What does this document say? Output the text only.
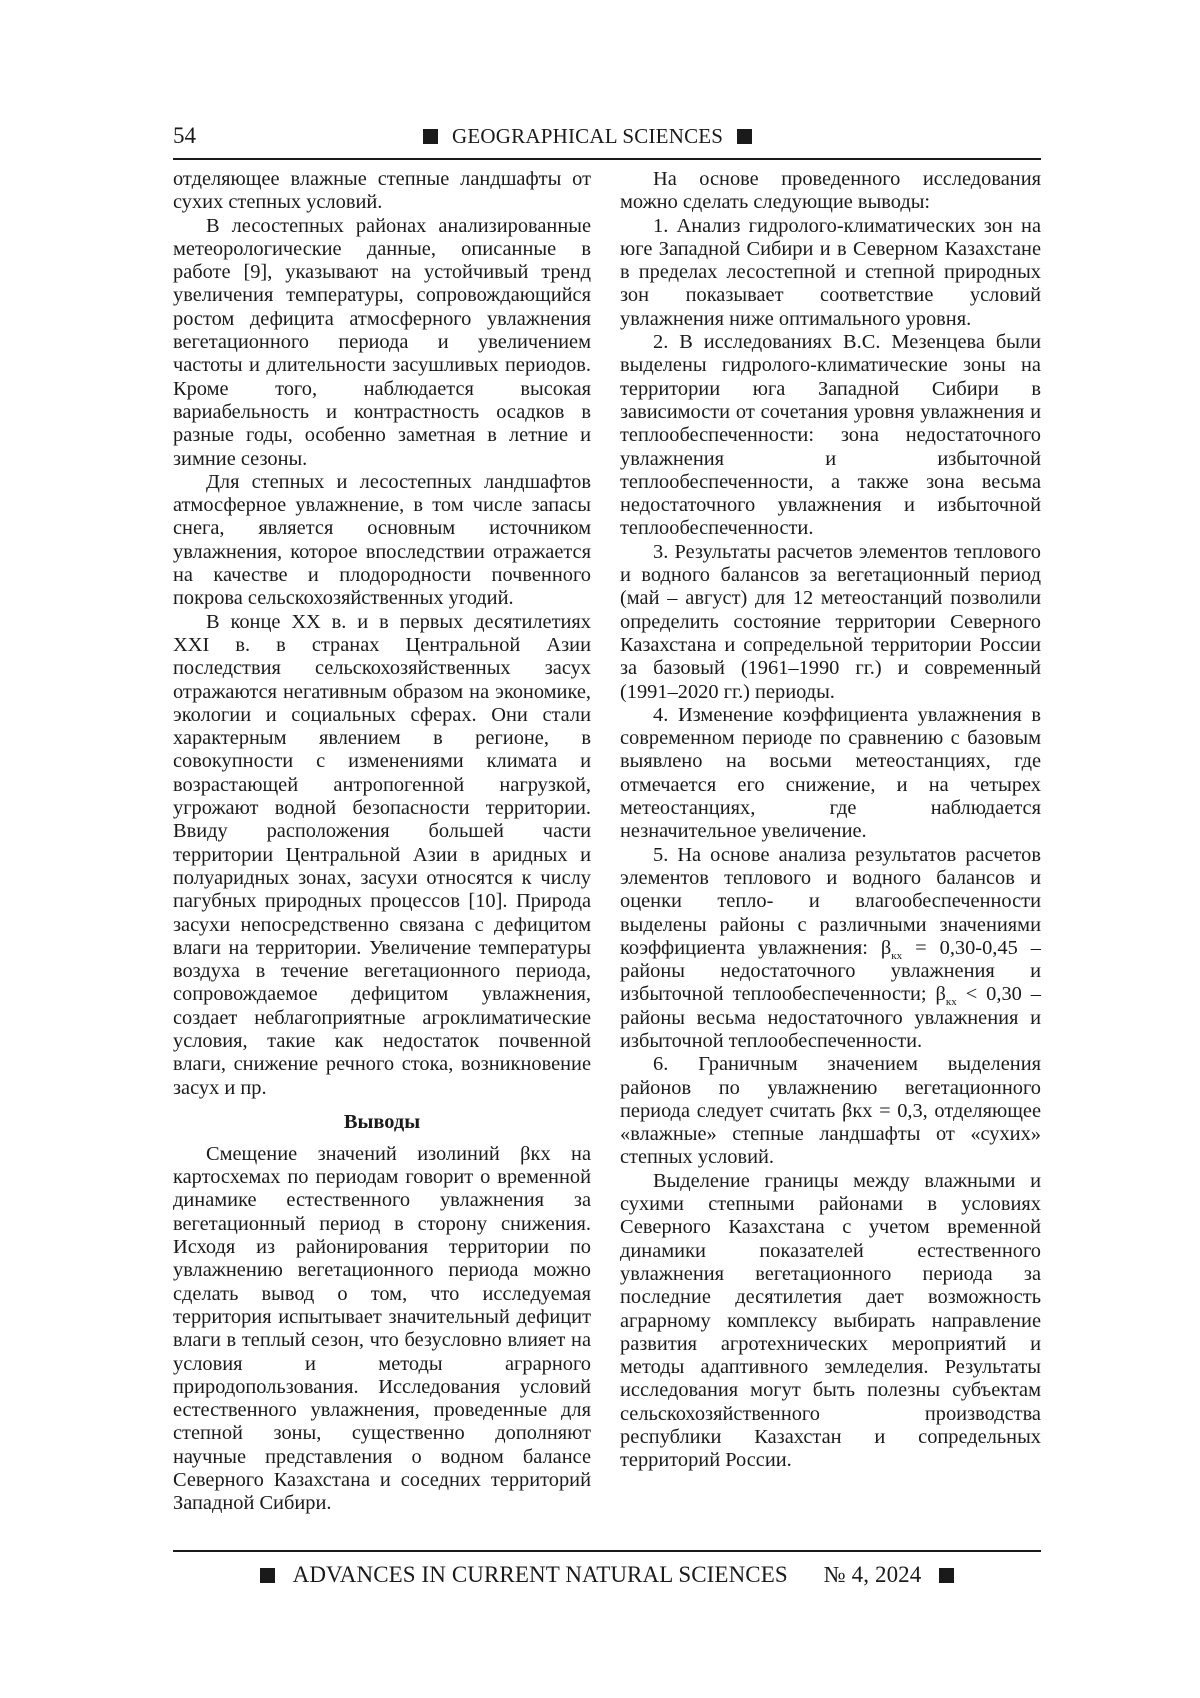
54	GEOGRAPHICAL SCIENCES

отделяющее влажные степные ландшафты от сухих степных условий.

В лесостепных районах анализированные метеорологические данные, описанные в работе [9], указывают на устойчивый тренд увеличения температуры, сопровождающийся ростом дефицита атмосферного увлажнения вегетационного периода и увеличением частоты и длительности засушливых периодов. Кроме того, наблюдается высокая вариабельность и контрастность осадков в разные годы, особенно заметная в летние и зимние сезоны.

Для степных и лесостепных ландшафтов атмосферное увлажнение, в том числе запасы снега, является основным источником увлажнения, которое впоследствии отражается на качестве и плодородности почвенного покрова сельскохозяйственных угодий.

В конце XX в. и в первых десятилетиях XXI в. в странах Центральной Азии последствия сельскохозяйственных засух отражаются негативным образом на экономике, экологии и социальных сферах. Они стали характерным явлением в регионе, в совокупности с изменениями климата и возрастающей антропогенной нагрузкой, угрожают водной безопасности территории. Ввиду расположения большей части территории Центральной Азии в аридных и полуаридных зонах, засухи относятся к числу пагубных природных процессов [10]. Природа засухи непосредственно связана с дефицитом влаги на территории. Увеличение температуры воздуха в течение вегетационного периода, сопровождаемое дефицитом увлажнения, создает неблагоприятные агроклиматические условия, такие как недостаток почвенной влаги, снижение речного стока, возникновение засух и пр.

Выводы

Смещение значений изолиний βкх на картосхемах по периодам говорит о временной динамике естественного увлажнения за вегетационный период в сторону снижения. Исходя из районирования территории по увлажнению вегетационного периода можно сделать вывод о том, что исследуемая территория испытывает значительный дефицит влаги в теплый сезон, что безусловно влияет на условия и методы аграрного природопользования. Исследования условий естественного увлажнения, проведенные для степной зоны, существенно дополняют научные представления о водном балансе Северного Казахстана и соседних территорий Западной Сибири.

На основе проведенного исследования можно сделать следующие выводы:

1. Анализ гидролого-климатических зон на юге Западной Сибири и в Северном Казахстане в пределах лесостепной и степной природных зон показывает соответствие условий увлажнения ниже оптимального уровня.

2. В исследованиях В.С. Мезенцева были выделены гидролого-климатические зоны на территории юга Западной Сибири в зависимости от сочетания уровня увлажнения и теплообеспеченности: зона недостаточного увлажнения и избыточной теплообеспеченности, а также зона весьма недостаточного увлажнения и избыточной теплообеспеченности.

3. Результаты расчетов элементов теплового и водного балансов за вегетационный период (май – август) для 12 метеостанций позволили определить состояние территории Северного Казахстана и сопредельной территории России за базовый (1961–1990 гг.) и современный (1991–2020 гг.) периоды.

4. Изменение коэффициента увлажнения в современном периоде по сравнению с базовым выявлено на восьми метеостанциях, где отмечается его снижение, и на четырех метеостанциях, где наблюдается незначительное увеличение.

5. На основе анализа результатов расчетов элементов теплового и водного балансов и оценки тепло- и влагообеспеченности выделены районы с различными значениями коэффициента увлажнения: $\beta_{кх} = 0,30-0,45$ – районы недостаточного увлажнения и избыточной теплообеспеченности; $\beta_{кх} < 0,30$ – районы весьма недостаточного увлажнения и избыточной теплообеспеченности.

6. Граничным значением выделения районов по увлажнению вегетационного периода следует считать βкх = 0,3, отделяющее «влажные» степные ландшафты от «сухих» степных условий.

Выделение границы между влажными и сухими степными районами в условиях Северного Казахстана с учетом временной динамики показателей естественного увлажнения вегетационного периода за последние десятилетия дает возможность аграрному комплексу выбирать направление развития агротехнических мероприятий и методы адаптивного земледелия. Результаты исследования могут быть полезны субъектам сельскохозяйственного производства республики Казахстан и сопредельных территорий России.

ADVANCES IN CURRENT NATURAL SCIENCES № 4, 2024
